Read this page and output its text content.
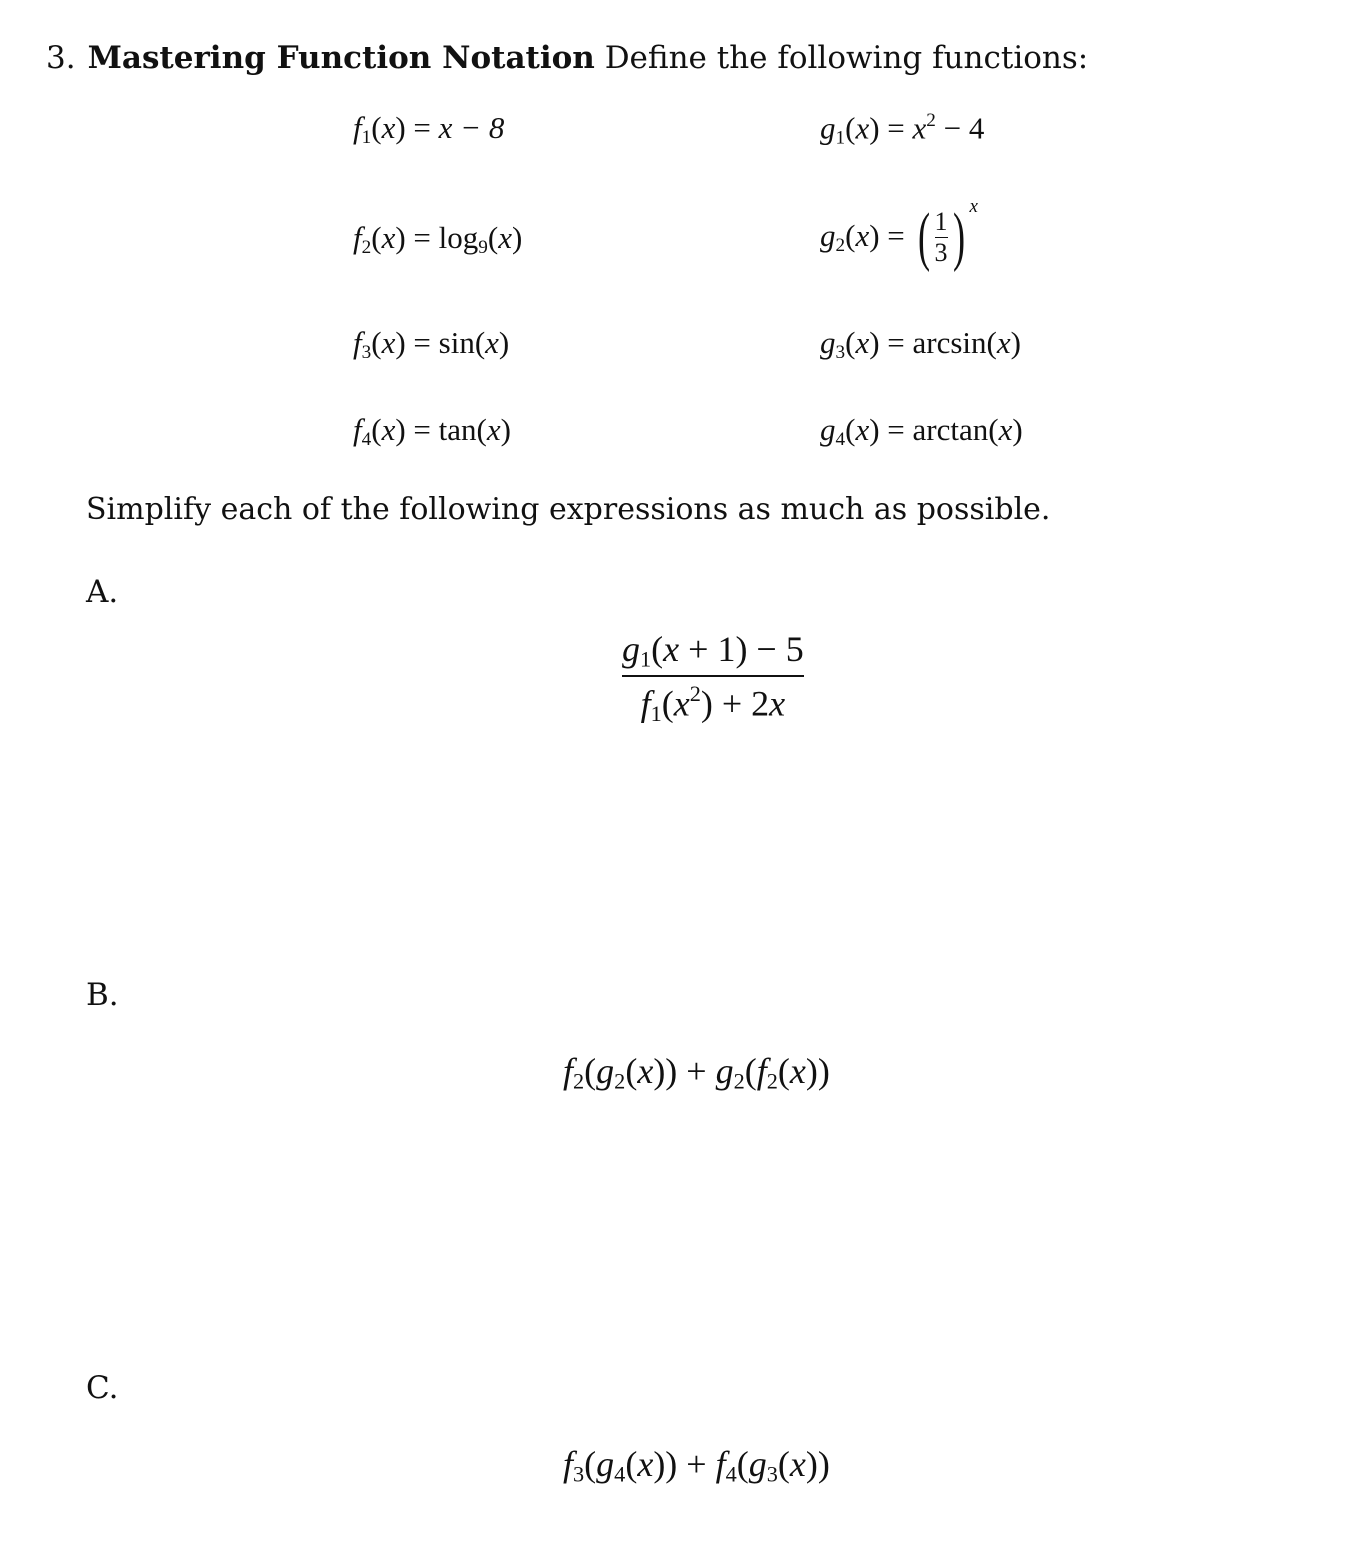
3. Mastering Function Notation Define the following functions:
$f_1(x) = x - 8$	$g_1(x) = x^2 - 4$
$f_2(x) = \log_9(x)$	$g_2(x)$ = ( $\frac{1}{3}$ ) x
$f_3(x) = \sin(x)$	$g_3(x) = \arcsin(x)$
$f_4(x) = \tan(x)$	$g_4(x) = \arctan(x)$
Simplify each of the following expressions as much as possible.
A.
$\frac{g_1(x + 1) - 5}{f_1(x^2) + 2x}$
B.
$f_2(g_2(x)) + g_2(f_2(x))$
C.
$f_3(g_4(x)) + f_4(g_3(x))$
